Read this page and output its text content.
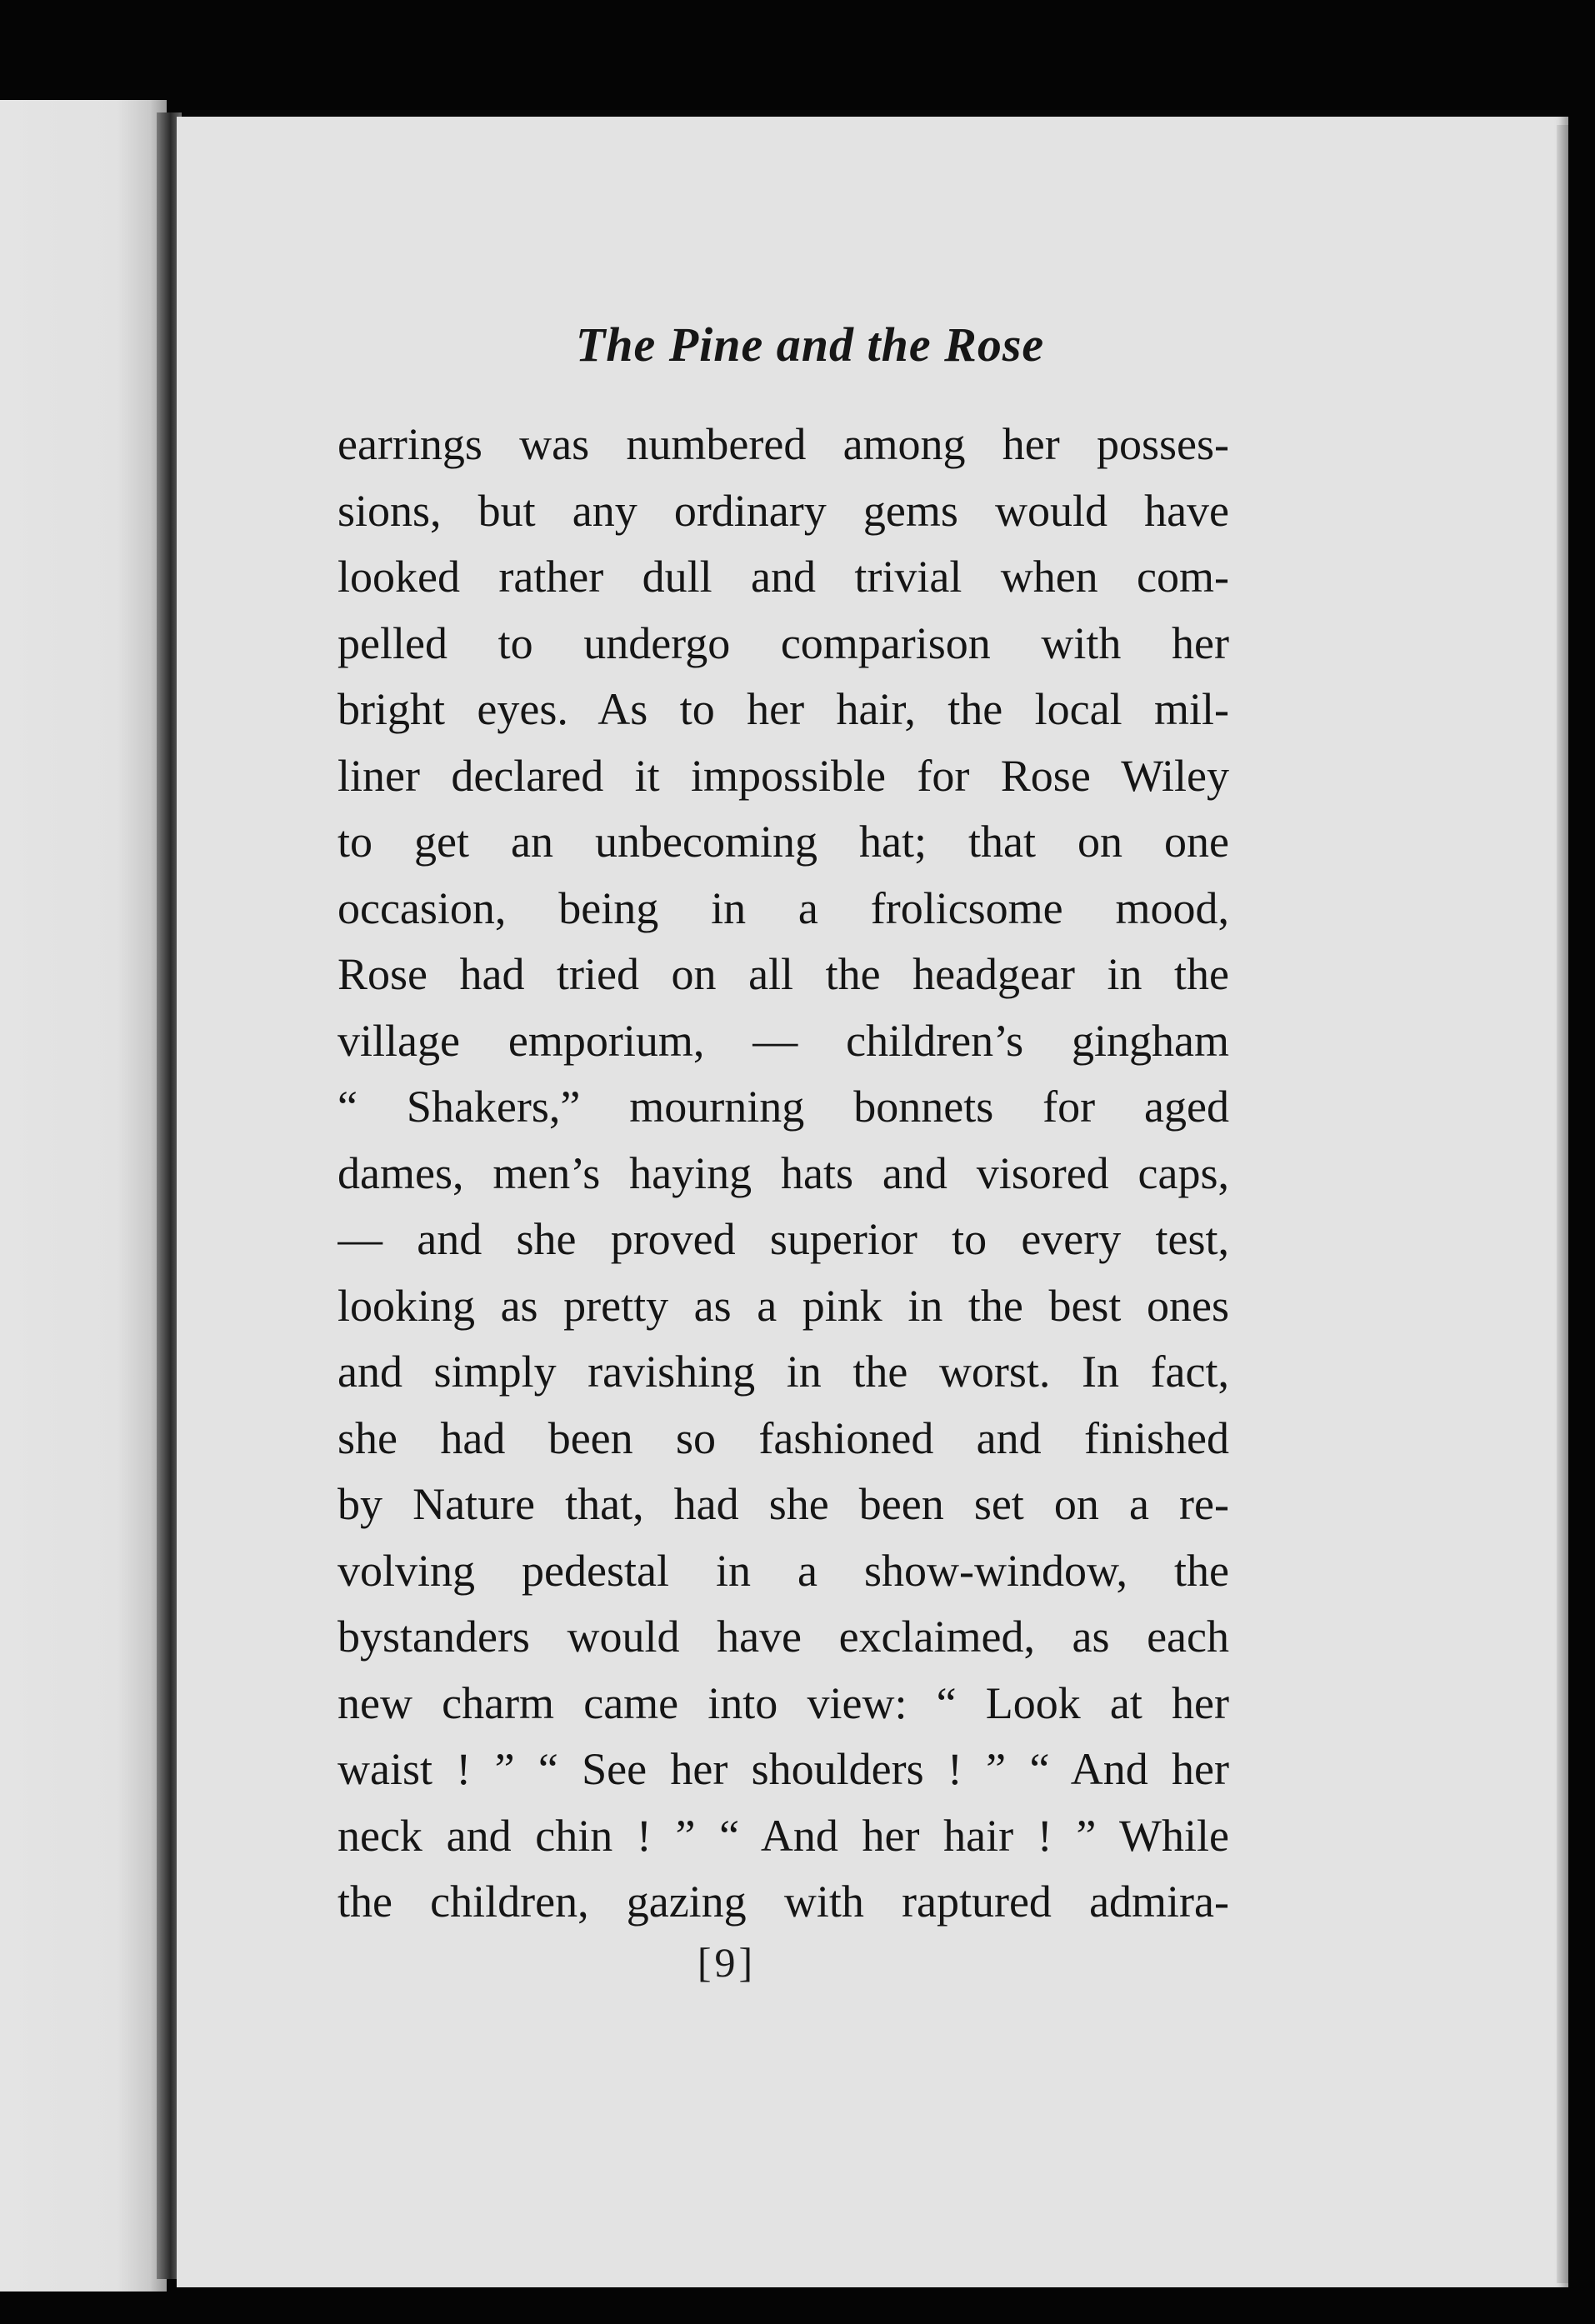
The Pine and the Rose
earrings was numbered among her posses-
sions, but any ordinary gems would have
looked rather dull and trivial when com-
pelled to undergo comparison with her
bright eyes. As to her hair, the local mil-
liner declared it impossible for Rose Wiley
to get an unbecoming hat; that on one
occasion, being in a frolicsome mood,
Rose had tried on all the headgear in the
village emporium, — children’s gingham
“ Shakers,” mourning bonnets for aged
dames, men’s haying hats and visored caps,
— and she proved superior to every test,
looking as pretty as a pink in the best ones
and simply ravishing in the worst. In fact,
she had been so fashioned and finished
by Nature that, had she been set on a re-
volving pedestal in a show-window, the
bystanders would have exclaimed, as each
new charm came into view: “ Look at her
waist ! ” “ See her shoulders ! ” “ And her
neck and chin ! ” “ And her hair ! ” While
the children, gazing with raptured admira-
[9]
